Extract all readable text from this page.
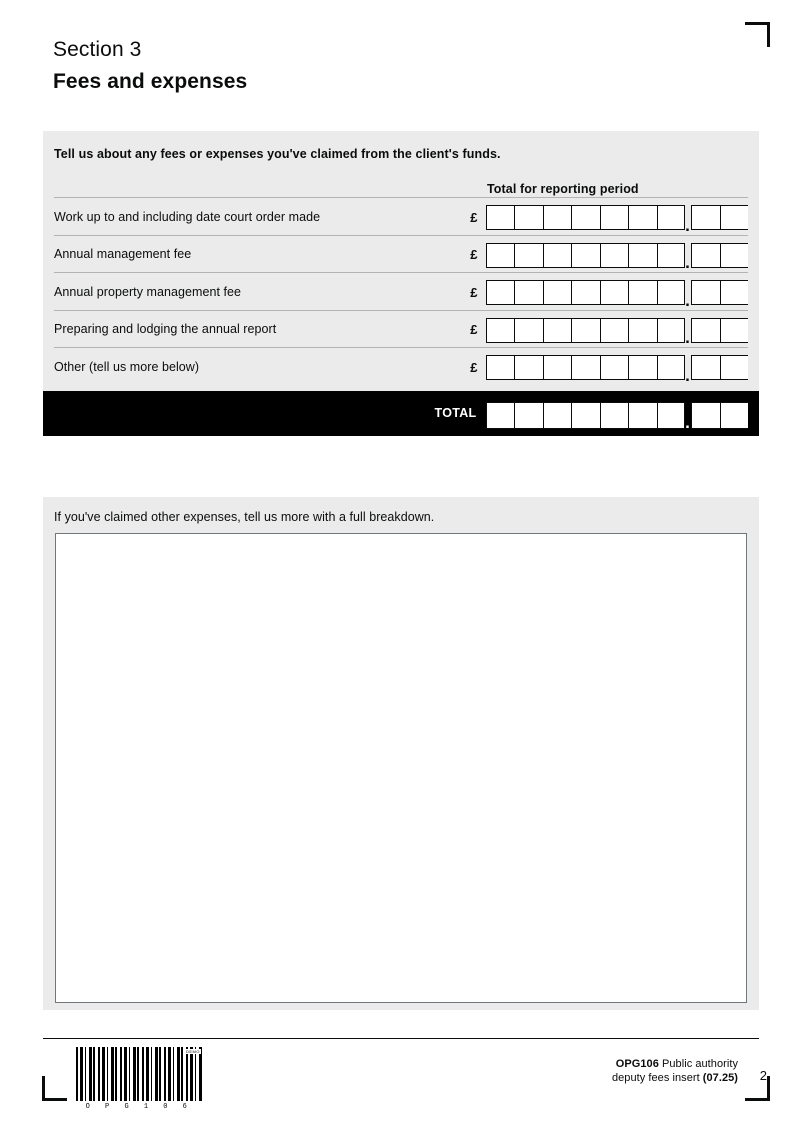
Section 3
Fees and expenses
Tell us about any fees or expenses you've claimed from the client's funds.
Total for reporting period
Work up to and including date court order made	£	.
Annual management fee	£	.
Annual property management fee	£	.
Preparing and lodging the annual report	£	.
Other (tell us more below)	£	.
TOTAL	.
If you've claimed other expenses, tell us more with a full breakdown.
DEMO
O P G 1 0 6
OPG106 Public authority
deputy fees insert (07.25) 2
